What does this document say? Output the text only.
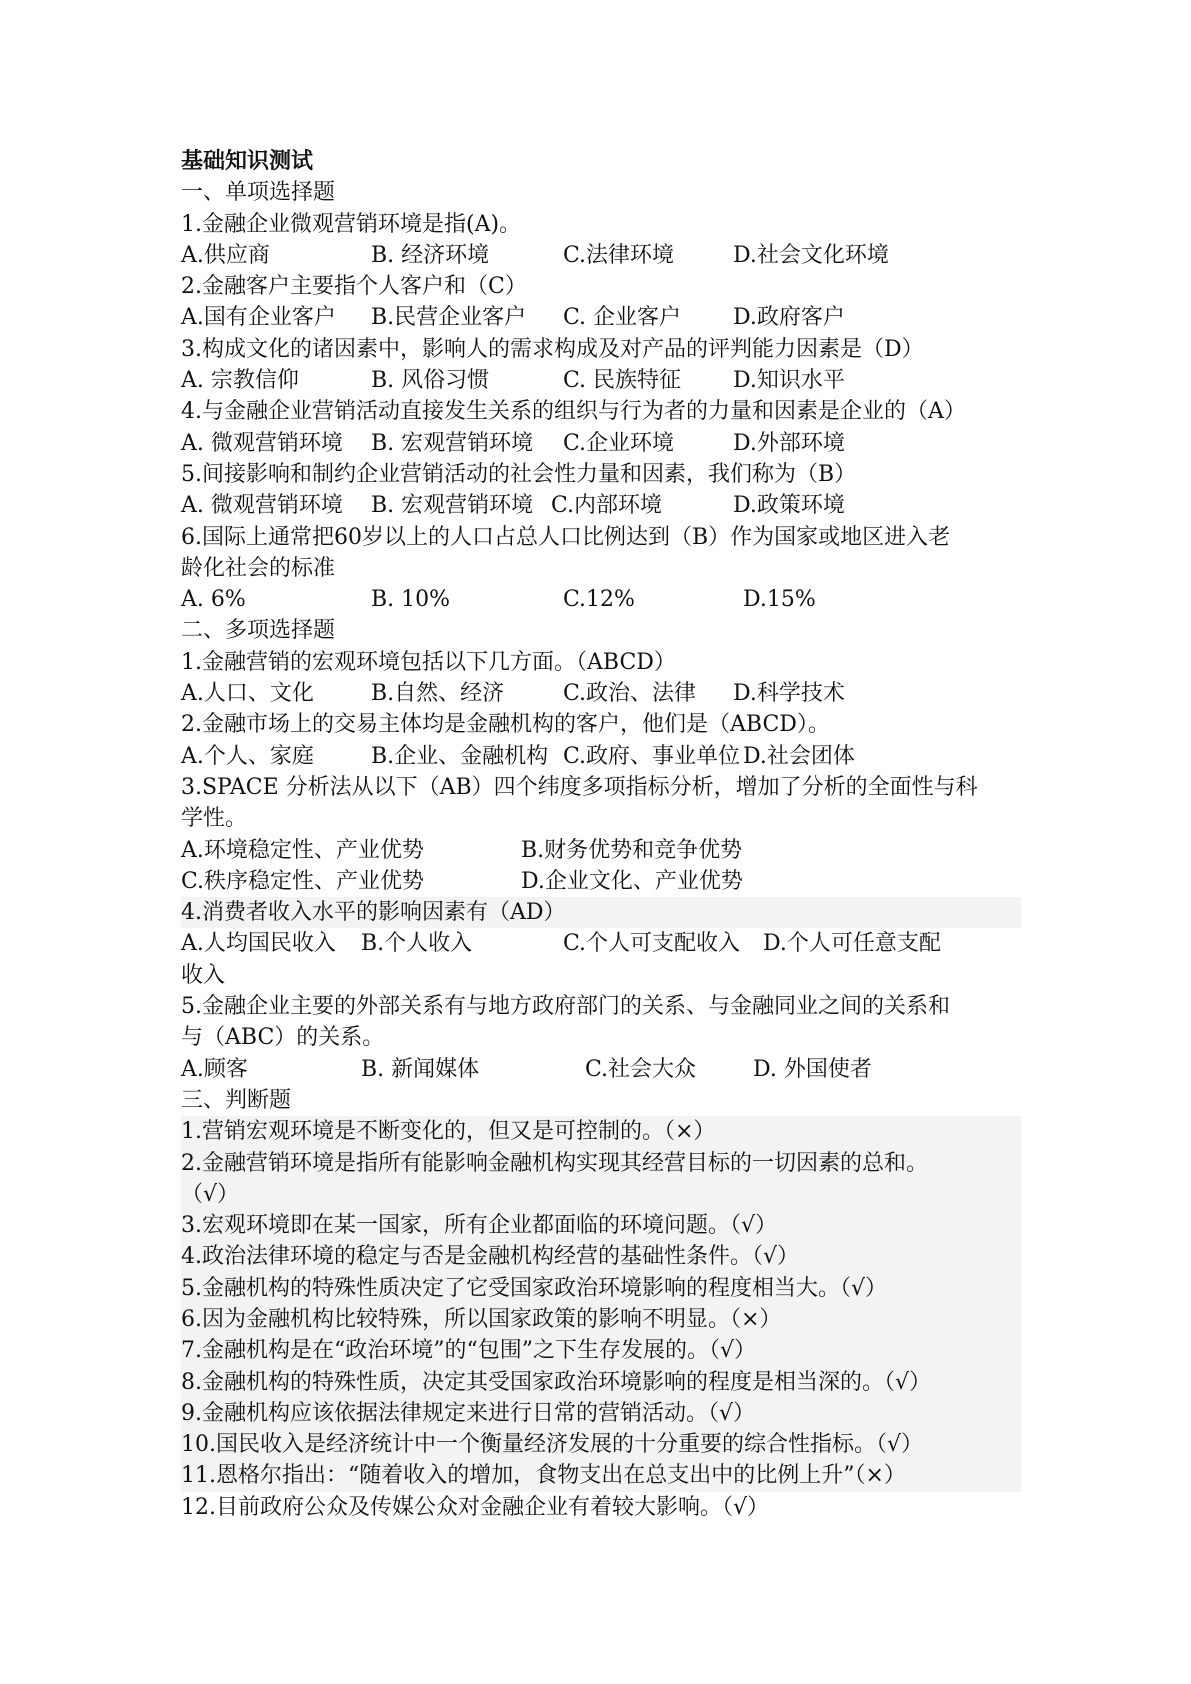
基础知识测试
一、单项选择题
1.金融企业微观营销环境是指(A)。
A.供应商	B. 经济环境	C.法律环境	D.社会文化环境
2.金融客户主要指个人客户和（C）
A.国有企业客户 B.民营企业客户 C. 企业客户 D.政府客户
3.构成文化的诸因素中，影响人的需求构成及对产品的评判能力因素是（D）
A. 宗教信仰	B. 风俗习惯	C. 民族特征 D.知识水平
4.与金融企业营销活动直接发生关系的组织与行为者的力量和因素是企业的（A）
A. 微观营销环境 B. 宏观营销环境 C.企业环境	D.外部环境
5.间接影响和制约企业营销活动的社会性力量和因素，我们称为（B）
A. 微观营销环境 B. 宏观营销环境 C.内部环境	D.政策环境
6.国际上通常把60岁以上的人口占总人口比例达到（B）作为国家或地区进入老
龄化社会的标准
A. 6%	B. 10%	C.12%	D.15%
二、多项选择题
1.金融营销的宏观环境包括以下几方面。（ABCD）
A.人口、文化	B.自然、经济	C.政治、法律 D.科学技术
2.金融市场上的交易主体均是金融机构的客户，他们是（ABCD）。
A.个人、家庭	B.企业、金融机构 C.政府、事业单位 D.社会团体
3.SPACE 分析法从以下（AB）四个纬度多项指标分析，增加了分析的全面性与科
学性。
A.环境稳定性、产业优势	B.财务优势和竞争优势
C.秩序稳定性、产业优势	D.企业文化、产业优势
4.消费者收入水平的影响因素有（AD）
A.人均国民收入 B.个人收入	C.个人可支配收入 D.个人可任意支配
收入
5.金融企业主要的外部关系有与地方政府部门的关系、与金融同业之间的关系和
与（ABC）的关系。
A.顾客	B. 新闻媒体	C.社会大众	D. 外国使者
三、判断题
1.营销宏观环境是不断变化的，但又是可控制的。（×）
2.金融营销环境是指所有能影响金融机构实现其经营目标的一切因素的总和。
（√）
3.宏观环境即在某一国家，所有企业都面临的环境问题。（√）
4.政治法律环境的稳定与否是金融机构经营的基础性条件。（√）
5.金融机构的特殊性质决定了它受国家政治环境影响的程度相当大。（√）
6.因为金融机构比较特殊，所以国家政策的影响不明显。（×）
7.金融机构是在“政治环境”的“包围”之下生存发展的。（√）
8.金融机构的特殊性质，决定其受国家政治环境影响的程度是相当深的。（√）
9.金融机构应该依据法律规定来进行日常的营销活动。（√）
10.国民收入是经济统计中一个衡量经济发展的十分重要的综合性指标。（√）
11.恩格尔指出：“随着收入的增加，食物支出在总支出中的比例上升”（×）
12.目前政府公众及传媒公众对金融企业有着较大影响。（√）
